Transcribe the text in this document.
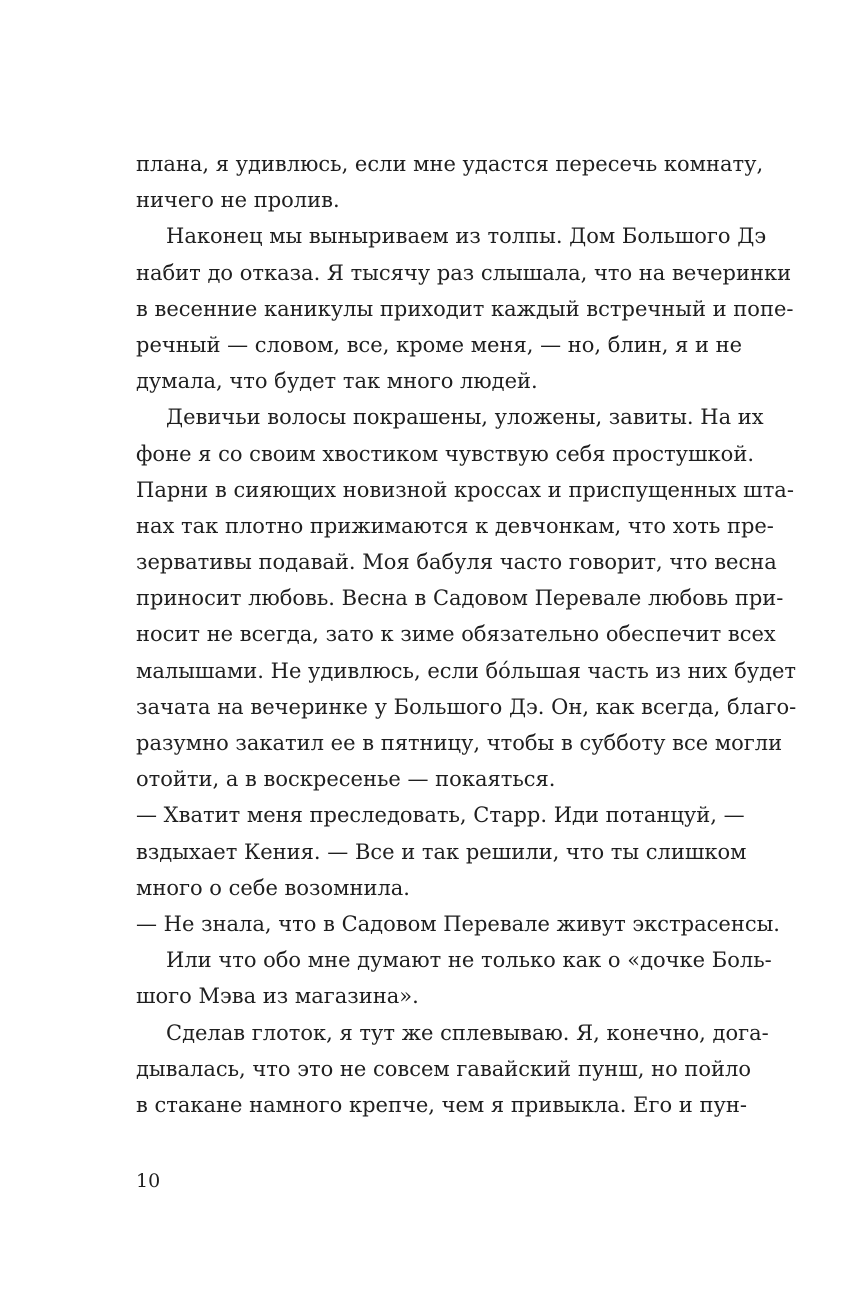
плана, я удивлюсь, если мне удастся пересечь комнату,
ничего не пролив.
Наконец мы выныриваем из толпы. Дом Большого Дэ
набит до отказа. Я тысячу раз слышала, что на вечеринки
в весенние каникулы приходит каждый встречный и попе-
речный — словом, все, кроме меня, — но, блин, я и не
думала, что будет так много людей.
Девичьи волосы покрашены, уложены, завиты. На их
фоне я со своим хвостиком чувствую себя простушкой.
Парни в сияющих новизной кроссах и приспущенных шта-
нах так плотно прижимаются к девчонкам, что хоть пре-
зервативы подавай. Моя бабуля часто говорит, что весна
приносит любовь. Весна в Садовом Перевале любовь при-
носит не всегда, зато к зиме обязательно обеспечит всех
малышами. Не удивлюсь, если бóльшая часть из них будет
зачата на вечеринке у Большого Дэ. Он, как всегда, благо-
разумно закатил ее в пятницу, чтобы в субботу все могли
отойти, а в воскресенье — покаяться.
— Хватит меня преследовать, Старр. Иди потанцуй, —
вздыхает Кения. — Все и так решили, что ты слишком
много о себе возомнила.
— Не знала, что в Садовом Перевале живут экстрасенсы.
Или что обо мне думают не только как о «дочке Боль-
шого Мэва из магазина».
Сделав глоток, я тут же сплевываю. Я, конечно, дога-
дывалась, что это не совсем гавайский пунш, но пойло
в стакане намного крепче, чем я привыкла. Его и пун-
10
